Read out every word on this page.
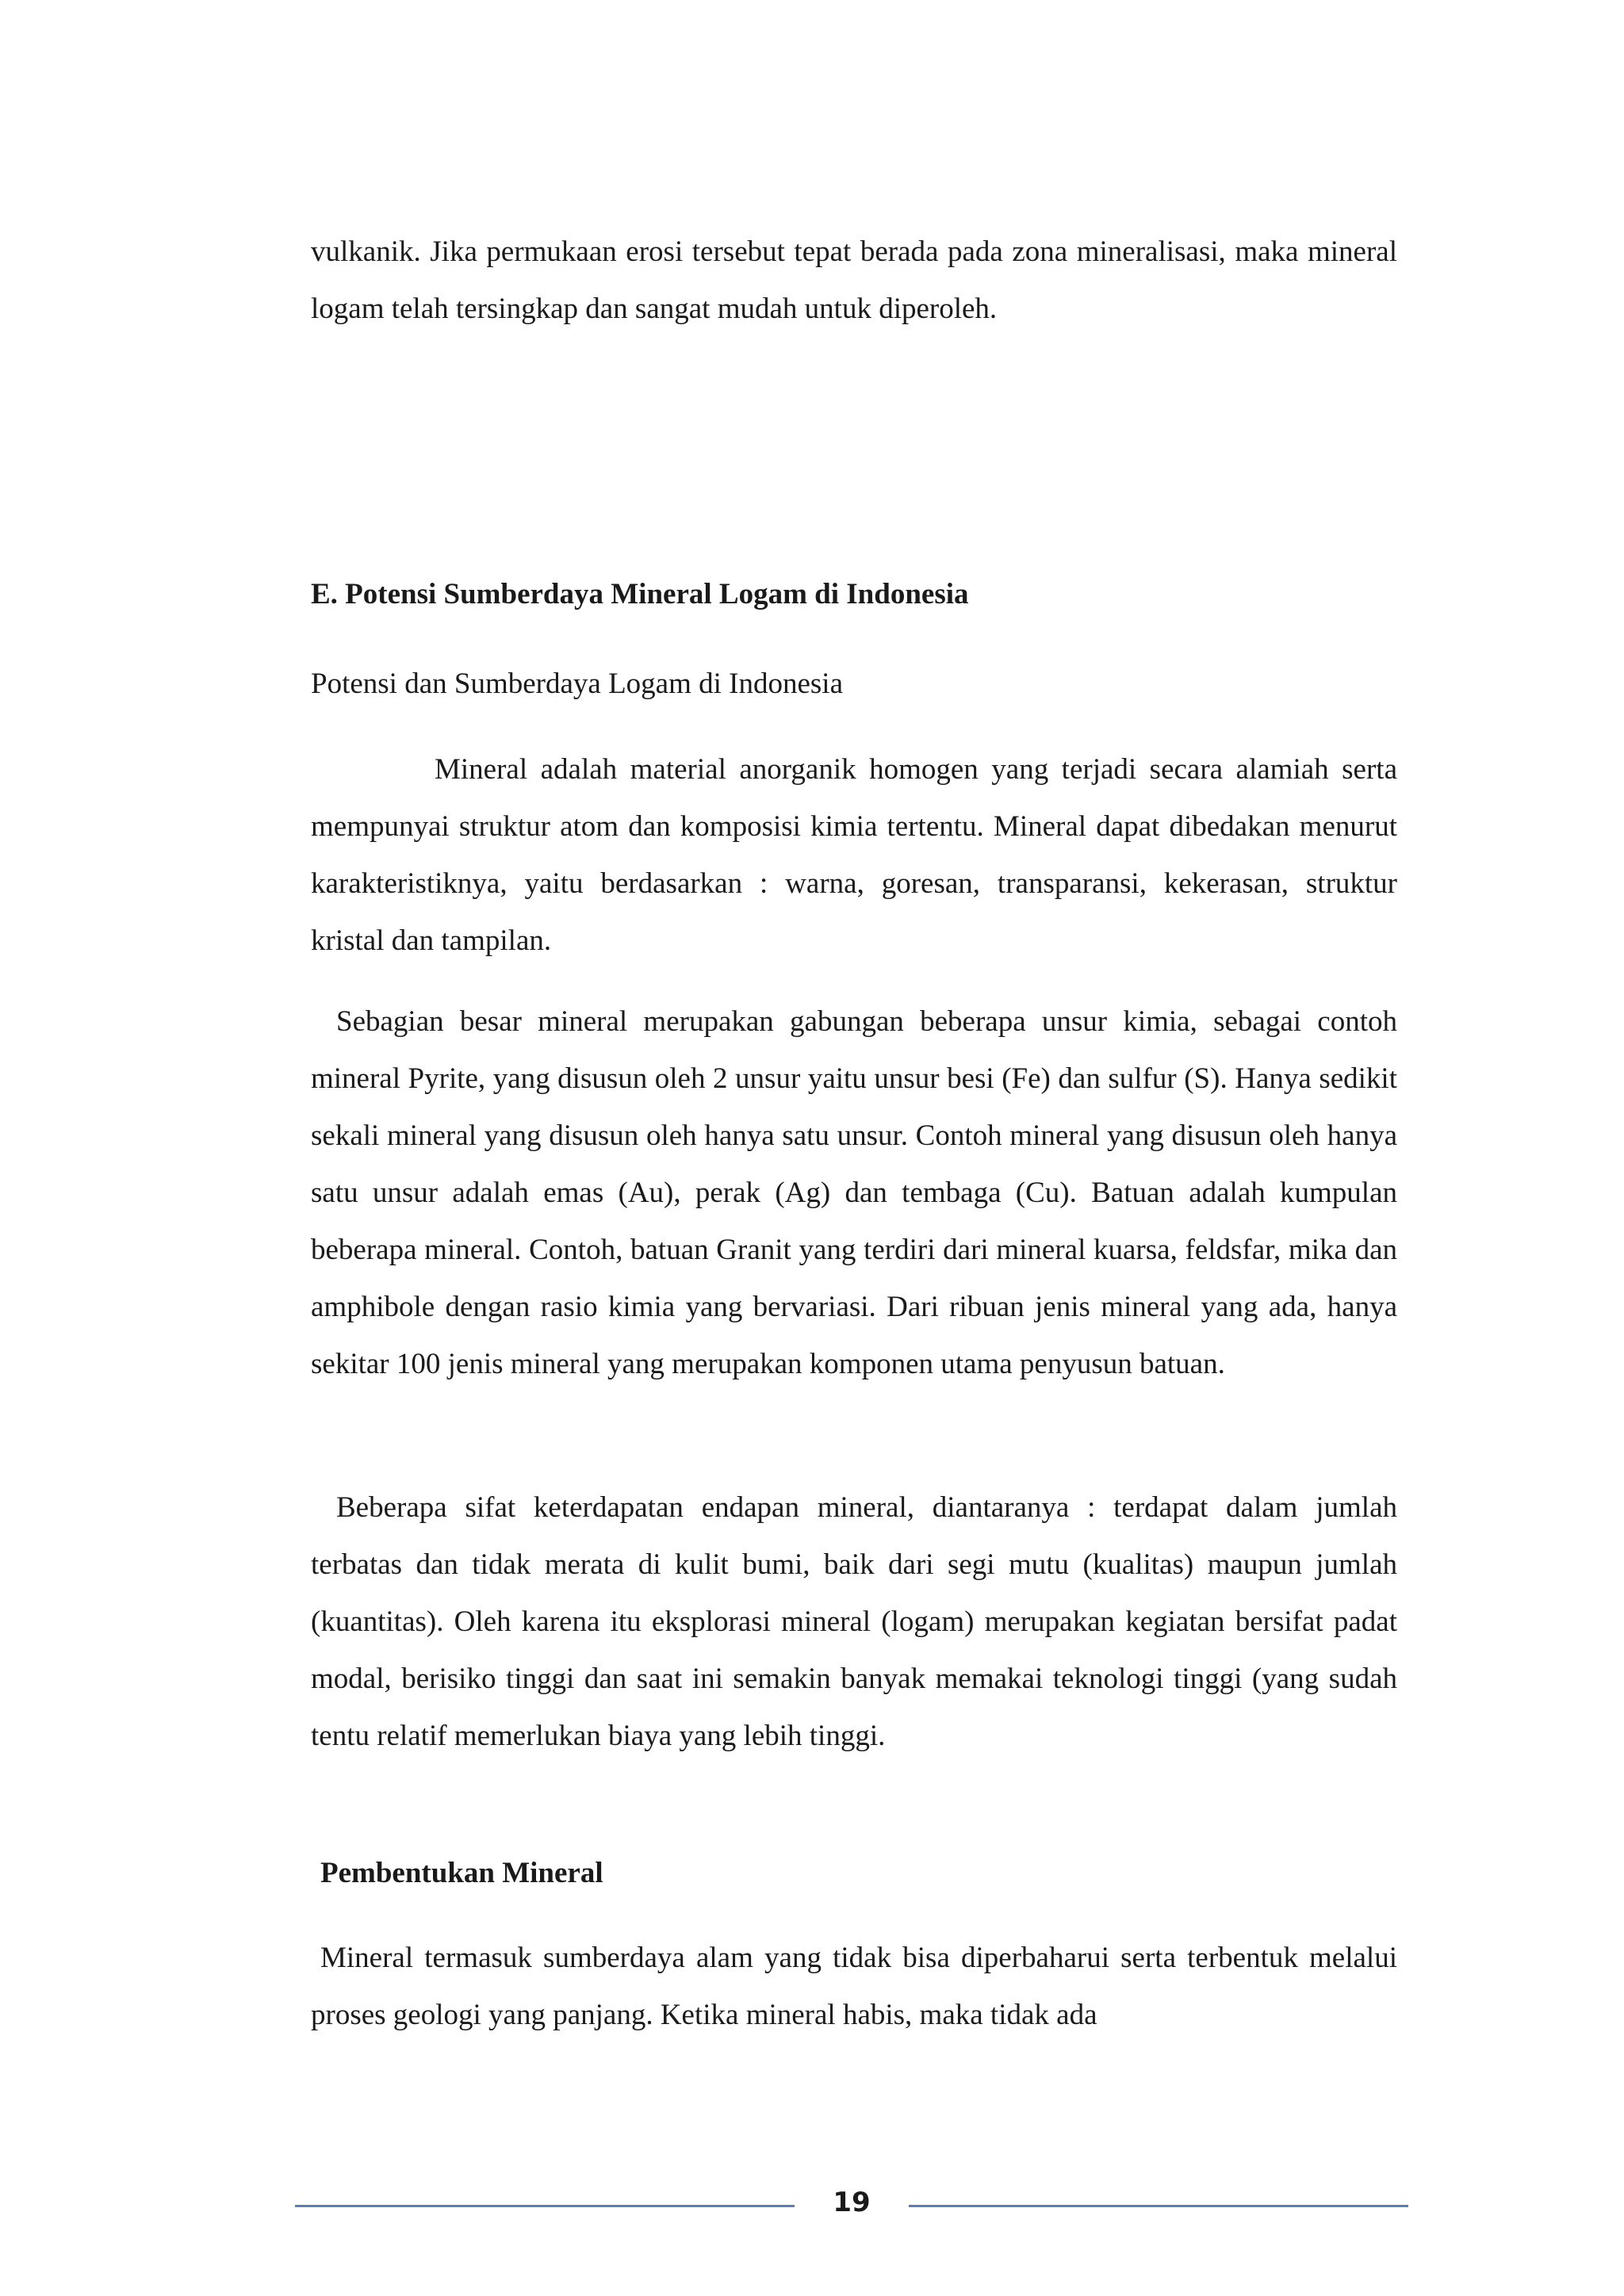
vulkanik. Jika permukaan erosi tersebut tepat berada pada zona mineralisasi, maka mineral logam telah tersingkap dan sangat mudah untuk diperoleh.

E. Potensi Sumberdaya Mineral Logam di Indonesia

Potensi dan Sumberdaya Logam di Indonesia

Mineral adalah material anorganik homogen yang terjadi secara alamiah serta mempunyai struktur atom dan komposisi kimia tertentu. Mineral dapat dibedakan menurut karakteristiknya, yaitu berdasarkan : warna, goresan, transparansi, kekerasan, struktur kristal dan tampilan.

Sebagian besar mineral merupakan gabungan beberapa unsur kimia, sebagai contoh mineral Pyrite, yang disusun oleh 2 unsur yaitu unsur besi (Fe) dan sulfur (S). Hanya sedikit sekali mineral yang disusun oleh hanya satu unsur. Contoh mineral yang disusun oleh hanya satu unsur adalah emas (Au), perak (Ag) dan tembaga (Cu). Batuan adalah kumpulan beberapa mineral. Contoh, batuan Granit yang terdiri dari mineral kuarsa, feldsfar, mika dan amphibole dengan rasio kimia yang bervariasi. Dari ribuan jenis mineral yang ada, hanya sekitar 100 jenis mineral yang merupakan komponen utama penyusun batuan.

Beberapa sifat keterdapatan endapan mineral, diantaranya : terdapat dalam jumlah terbatas dan tidak merata di kulit bumi, baik dari segi mutu (kualitas) maupun jumlah (kuantitas). Oleh karena itu eksplorasi mineral (logam) merupakan kegiatan bersifat padat modal, berisiko tinggi dan saat ini semakin banyak memakai teknologi tinggi (yang sudah tentu relatif memerlukan biaya yang lebih tinggi.

Pembentukan Mineral

Mineral termasuk sumberdaya alam yang tidak bisa diperbaharui serta terbentuk melalui proses geologi yang panjang. Ketika mineral habis, maka tidak ada

19
